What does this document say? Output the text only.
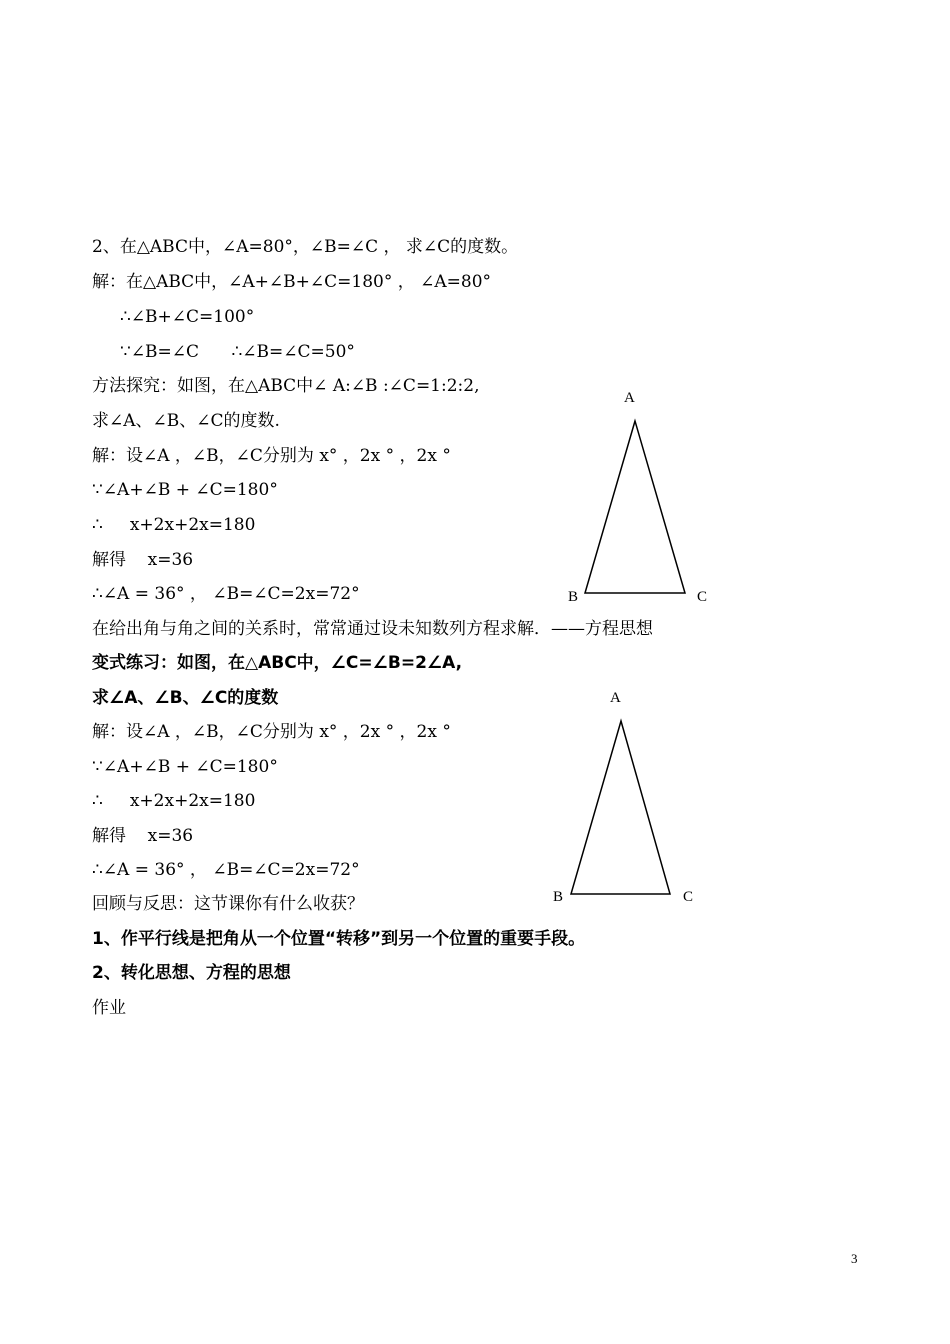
2、在△ABC中，∠A=80°，∠B=∠C ， 求∠C的度数。
解：在△ABC中，∠A+∠B+∠C=180° ， ∠A=80°
∴∠B+∠C=100°
∵∠B=∠C      ∴∠B=∠C=50°
方法探究：如图，在△ABC中∠ A:∠B :∠C=1:2:2,
求∠A、∠B、∠C的度数.
解：设∠A ，∠B，∠C分别为 x° ，2x ° ，2x °
∵∠A+∠B + ∠C=180°
∴     x+2x+2x=180
解得    x=36
∴∠A = 36° ， ∠B=∠C=2x=72°
在给出角与角之间的关系时，常常通过设未知数列方程求解．——方程思想
变式练习：如图，在△ABC中，∠C=∠B=2∠A,
求∠A、∠B、∠C的度数
解：设∠A ，∠B，∠C分别为 x° ，2x ° ，2x °
∵∠A+∠B + ∠C=180°
∴     x+2x+2x=180
解得    x=36
∴∠A = 36° ， ∠B=∠C=2x=72°
回顾与反思：这节课你有什么收获？
1、作平行线是把角从一个位置“转移”到另一个位置的重要手段。
2、转化思想、方程的思想
作业
A
B	C
A
B	C
3
